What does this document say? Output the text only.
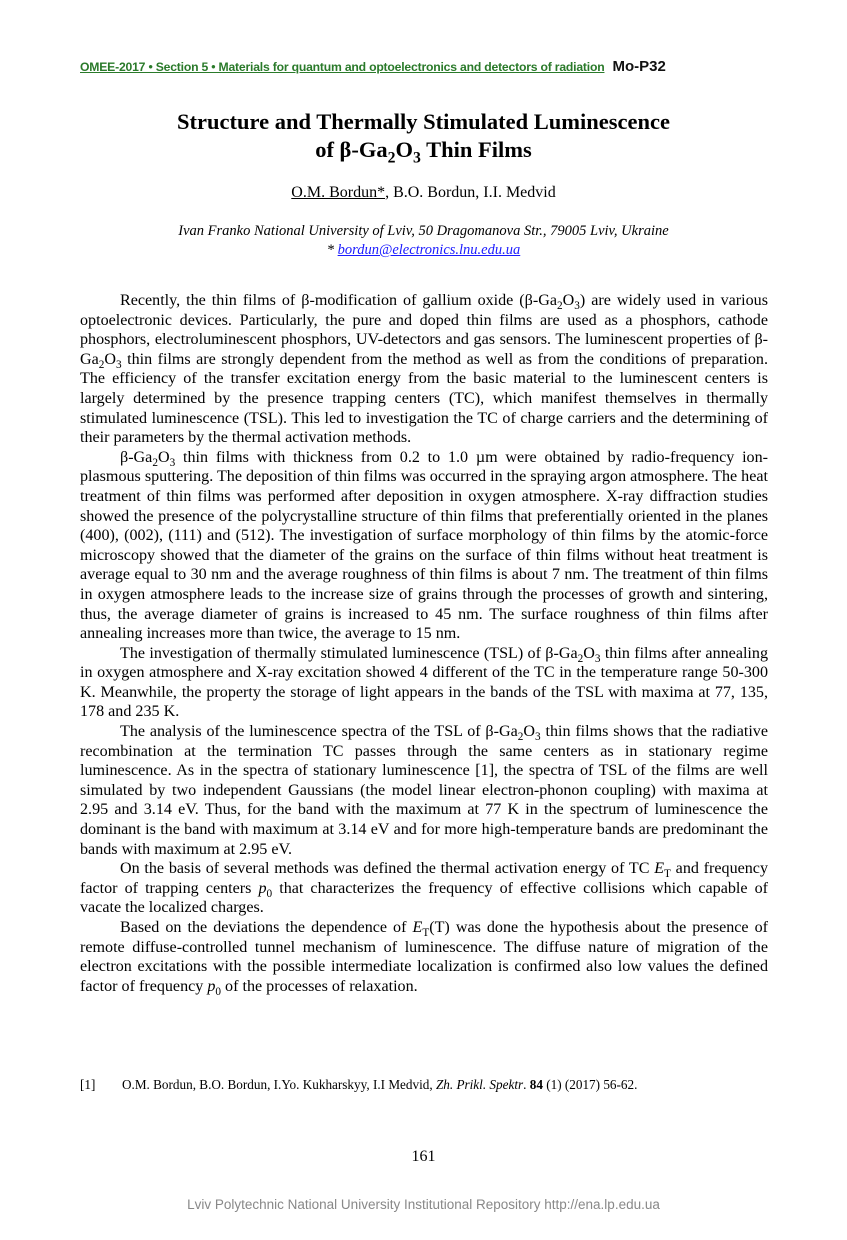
OMEE-2017 • Section 5 • Materials for quantum and optoelectronics and detectors of radiation Mo-P32
Structure and Thermally Stimulated Luminescence
of $\beta-Ga_2O_3$ Thin Films
O.M. Bordun*, B.O. Bordun, I.I. Medvid
Ivan Franko National University of Lviv, 50 Dragomanova Str., 79005 Lviv, Ukraine
* bordun@electronics.lnu.edu.ua

Recently, the thin films of β-modification of gallium oxide $(\beta-Ga_2O_3)$ are widely used in various optoelectronic devices. Particularly, the pure and doped thin films are used as a phosphors, cathode phosphors, electroluminescent phosphors, UV-detectors and gas sensors. The luminescent properties of $\beta-Ga_2O_3$ thin films are strongly dependent from the method as well as from the conditions of preparation. The efficiency of the transfer excitation energy from the basic material to the luminescent centers is largely determined by the presence trapping centers (TC), which manifest themselves in thermally stimulated luminescence (TSL). This led to investigation the TC of charge carriers and the determining of their parameters by the thermal activation methods.

$\beta-Ga_2O_3$ thin films with thickness from 0.2 to 1.0 µm were obtained by radio-frequency ion-plasmous sputtering. The deposition of thin films was occurred in the spraying argon atmosphere. The heat treatment of thin films was performed after deposition in oxygen atmosphere. X-ray diffraction studies showed the presence of the polycrystalline structure of thin films that preferentially oriented in the planes (400), (002), (111) and (512). The investigation of surface morphology of thin films by the atomic-force microscopy showed that the diameter of the grains on the surface of thin films without heat treatment is average equal to 30 nm and the average roughness of thin films is about 7 nm. The treatment of thin films in oxygen atmosphere leads to the increase size of grains through the processes of growth and sintering, thus, the average diameter of grains is increased to 45 nm. The surface roughness of thin films after annealing increases more than twice, the average to 15 nm.

The investigation of thermally stimulated luminescence (TSL) of $\beta-Ga_2O_3$ thin films after annealing in oxygen atmosphere and X-ray excitation showed 4 different of the TC in the temperature range 50-300 K. Meanwhile, the property the storage of light appears in the bands of the TSL with maxima at 77, 135, 178 and 235 K.

The analysis of the luminescence spectra of the TSL of $\beta-Ga_2O_3$ thin films shows that the radiative recombination at the termination TC passes through the same centers as in stationary regime luminescence. As in the spectra of stationary luminescence [1], the spectra of TSL of the films are well simulated by two independent Gaussians (the model linear electron-phonon coupling) with maxima at 2.95 and 3.14 eV. Thus, for the band with the maximum at 77 K in the spectrum of luminescence the dominant is the band with maximum at 3.14 eV and for more high-temperature bands are predominant the bands with maximum at 2.95 eV.

On the basis of several methods was defined the thermal activation energy of TC $E_T$ and frequency factor of trapping centers $p_0$ that characterizes the frequency of effective collisions which capable of vacate the localized charges.

Based on the deviations the dependence of $E_T(T)$ was done the hypothesis about the presence of remote diffuse-controlled tunnel mechanism of luminescence. The diffuse nature of migration of the electron excitations with the possible intermediate localization is confirmed also low values the defined factor of frequency $p_0$ of the processes of relaxation.

[1] O.M. Bordun, B.O. Bordun, I.Yo. Kukharskyy, I.I Medvid, Zh. Prikl. Spektr. 84 (1) (2017) 56-62.
161
Lviv Polytechnic National University Institutional Repository http://ena.lp.edu.ua
